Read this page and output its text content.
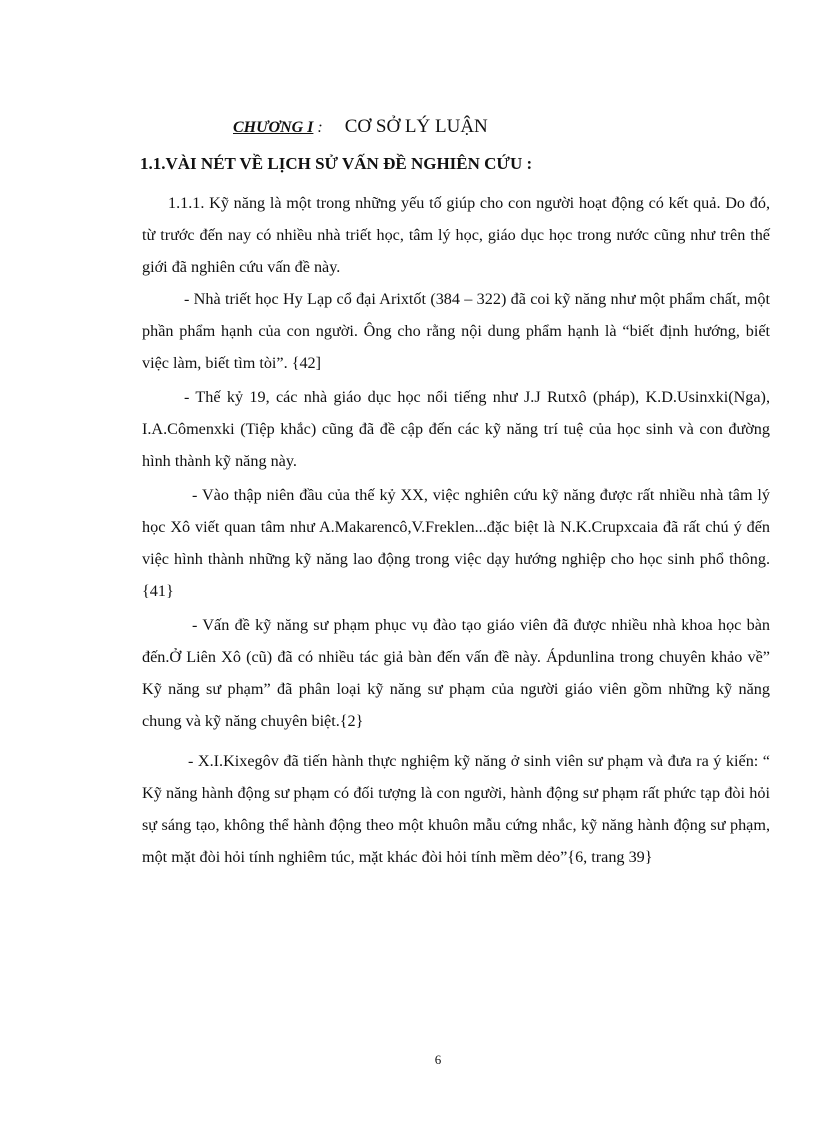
CHƯƠNG I : CƠ SỞ LÝ LUẬN
1.1.VÀI NÉT VỀ LỊCH SỬ VẤN ĐỀ NGHIÊN CỨU :

1.1.1. Kỹ năng là một trong những yếu tố giúp cho con người hoạt động có kết quả. Do đó, từ trước đến nay có nhiều nhà triết học, tâm lý học, giáo dục học trong nước cũng như trên thế giới đã nghiên cứu vấn đề này.

- Nhà triết học Hy Lạp cổ đại Arixtốt (384 – 322) đã coi kỹ năng như một phẩm chất, một phần phẩm hạnh của con người. Ông cho rằng nội dung phẩm hạnh là “biết định hướng, biết việc làm, biết tìm tòi”. {42]

- Thế kỷ 19, các nhà giáo dục học nổi tiếng như J.J Rutxô (pháp), K.D.Usinxki(Nga), I.A.Cômenxki (Tiệp khắc) cũng đã đề cập đến các kỹ năng trí tuệ của học sinh và con đường hình thành kỹ năng này.

- Vào thập niên đầu của thế kỷ XX, việc nghiên cứu kỹ năng được rất nhiều nhà tâm lý học Xô viết quan tâm như A.Makarencô,V.Freklen...đặc biệt là N.K.Crupxcaia đã rất chú ý đến việc hình thành những kỹ năng lao động trong việc dạy hướng nghiệp cho học sinh phổ thông.{41}

- Vấn đề kỹ năng sư phạm phục vụ đào tạo giáo viên đã được nhiều nhà khoa học bàn đến.Ở Liên Xô (cũ) đã có nhiều tác giả bàn đến vấn đề này. Ápdunlina trong chuyên khảo về” Kỹ năng sư phạm” đã phân loại kỹ năng sư phạm của người giáo viên gồm những kỹ năng chung và kỹ năng chuyên biệt.{2}

- X.I.Kixegôv đã tiến hành thực nghiệm kỹ năng ở sinh viên sư phạm và đưa ra ý kiến: “ Kỹ năng hành động sư phạm có đối tượng là con người, hành động sư phạm rất phức tạp đòi hỏi sự sáng tạo, không thể hành động theo một khuôn mẫu cứng nhắc, kỹ năng hành động sư phạm, một mặt đòi hỏi tính nghiêm túc, mặt khác đòi hỏi tính mềm dẻo”{6, trang 39}

6
